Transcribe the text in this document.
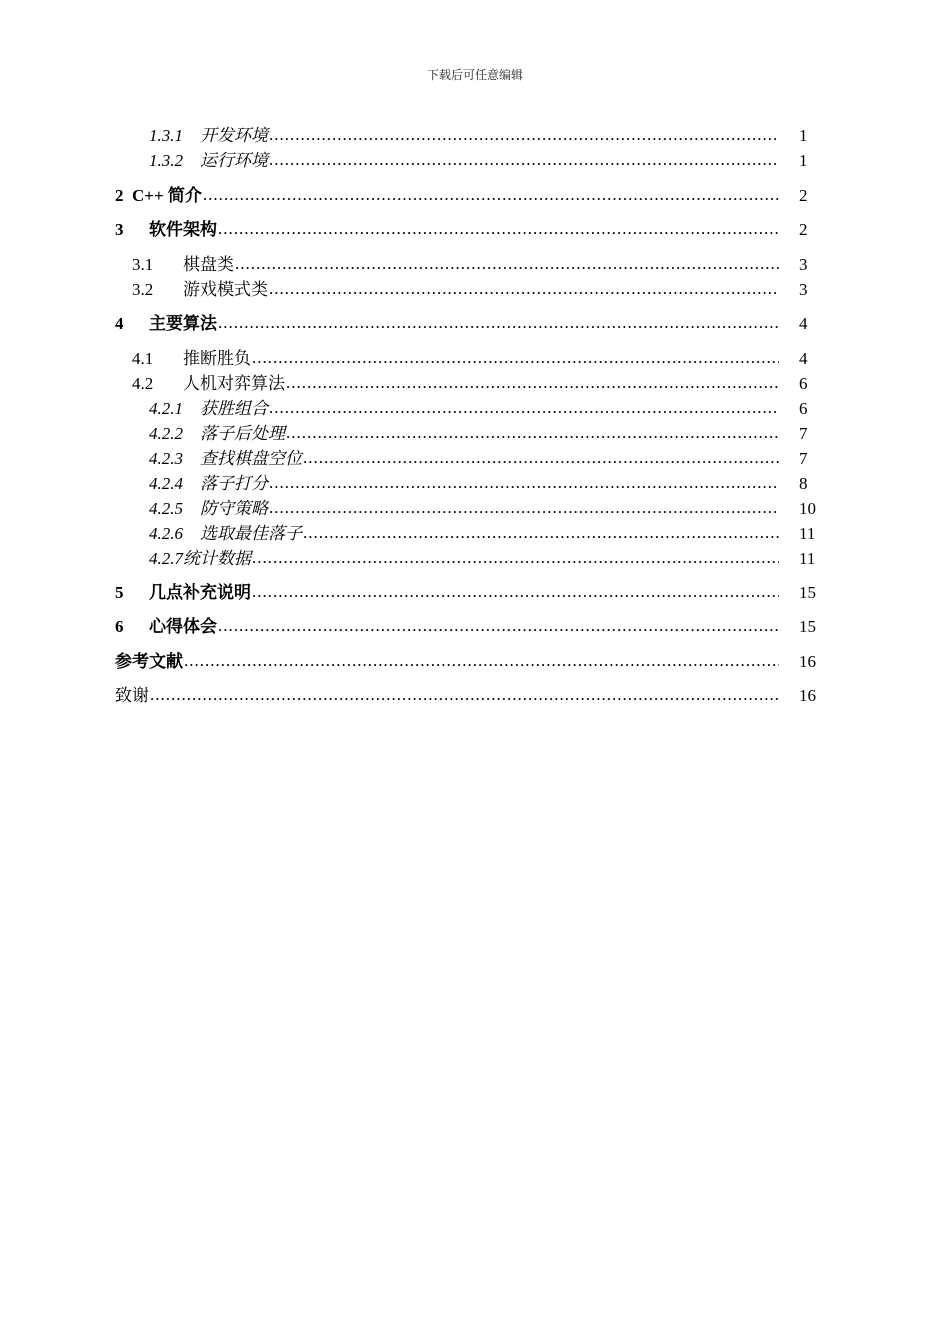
下载后可任意编辑
1.3.1	开发环境 .....	1
1.3.2	运行环境 .....	1
2 C++ 简介 .....	2
3	软件架构 .....	2
3.1	棋盘类 .....	3
3.2	游戏模式类 .....	3
4	主要算法 .....	4
4.1	推断胜负 .....	4
4.2	人机对弈算法 .....	6
4.2.1	获胜组合 .....	6
4.2.2	落子后处理 .....	7
4.2.3	查找棋盘空位 .....	7
4.2.4	落子打分 .....	8
4.2.5	防守策略 .....	10
4.2.6	选取最佳落子 .....	11
4.2.7 统计数据 .....	11
5	几点补充说明 .....	15
6	心得体会 .....	15
参考文献 .....	16
致谢 .....	16
